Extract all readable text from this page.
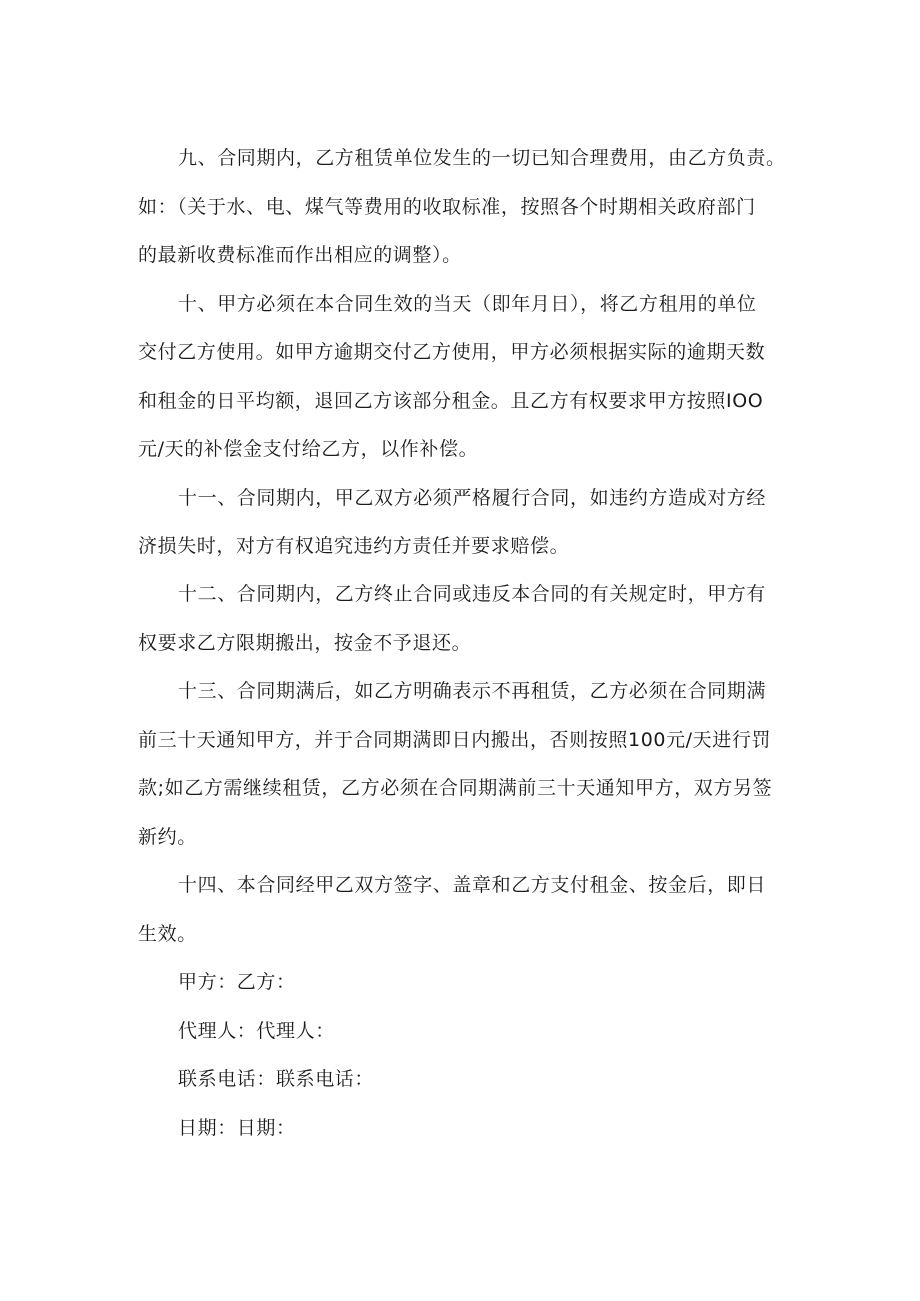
九、合同期内，乙方租赁单位发生的一切已知合理费用，由乙方负责。
如：（关于水、电、煤气等费用的收取标准，按照各个时期相关政府部门
的最新收费标准而作出相应的调整）。
十、甲方必须在本合同生效的当天（即年月日），将乙方租用的单位
交付乙方使用。如甲方逾期交付乙方使用，甲方必须根据实际的逾期天数
和租金的日平均额，退回乙方该部分租金。且乙方有权要求甲方按照IOO
元/天的补偿金支付给乙方，以作补偿。
十一、合同期内，甲乙双方必须严格履行合同，如违约方造成对方经
济损失时，对方有权追究违约方责任并要求赔偿。
十二、合同期内，乙方终止合同或违反本合同的有关规定时，甲方有
权要求乙方限期搬出，按金不予退还。
十三、合同期满后，如乙方明确表示不再租赁，乙方必须在合同期满
前三十天通知甲方，并于合同期满即日内搬出，否则按照100元/天进行罚
款;如乙方需继续租赁，乙方必须在合同期满前三十天通知甲方，双方另签
新约。
十四、本合同经甲乙双方签字、盖章和乙方支付租金、按金后，即日
生效。
甲方：乙方：
代理人：代理人：
联系电话：联系电话：
日期：日期：
